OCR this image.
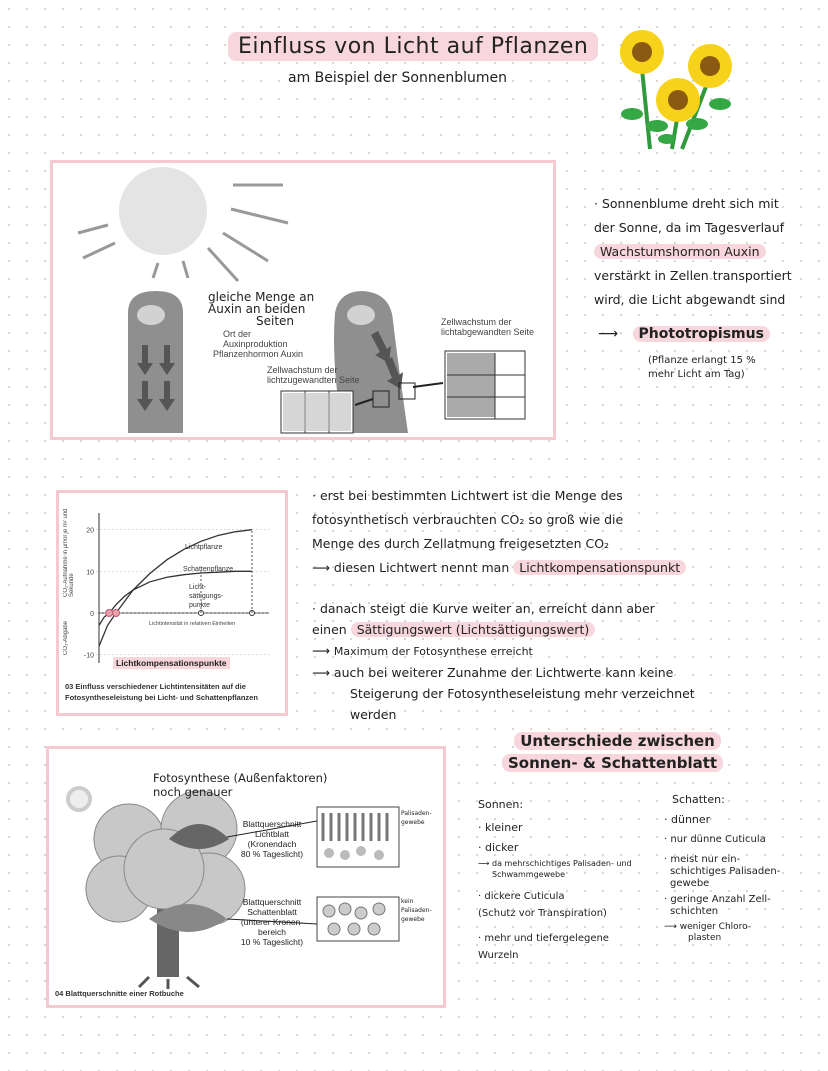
Einfluss von Licht auf Pflanzen
am Beispiel der Sonnenblumen
gleiche Menge an
Auxin an beiden
Seiten
Ort der
Auxinproduktion
Pflanzenhormon Auxin
Zellwachstum der
lichtzugewandten Seite
Zellwachstum der
lichtabgewandten Seite
· Sonnenblume dreht sich mit
der Sonne, da im Tagesverlauf
Wachstumshormon Auxin
verstärkt in Zellen transportiert
wird, die Licht abgewandt sind
⟶ Phototropismus
(Pflanze erlangt 15 %
mehr Licht am Tag)
20
10
0
-10
Lichtpflanze
Schattenpflanze
Licht-
sättigungs-
punkte
Lichtintensität in relativen Einheiten
CO₂-Aufnahme in µmol je m² und Sekunde
CO₂-Abgabe
Lichtkompensationspunkte
03 Einfluss verschiedener Lichtintensitäten auf die
Fotosyntheseleistung bei Licht- und Schattenpflanzen
· erst bei bestimmten Lichtwert ist die Menge des
fotosynthetisch verbrauchten CO₂ so groß wie die
Menge des durch Zellatmung freigesetzten CO₂
⟶ diesen Lichtwert nennt man Lichtkompensationspunkt
· danach steigt die Kurve weiter an, erreicht dann aber
einen Sättigungswert (Lichtsättigungswert)
⟶ Maximum der Fotosynthese erreicht
⟶ auch bei weiterer Zunahme der Lichtwerte kann keine
Steigerung der Fotosyntheseleistung mehr verzeichnet
werden
Fotosynthese (Außenfaktoren)
noch genauer
Blattquerschnitt Lichtblatt
(Kronendach
80 % Tageslicht)
Blattquerschnitt Schattenblatt
(unterer Kronen-
bereich
10 % Tageslicht)
Palisaden-
gewebe
kein
Palisaden-
gewebe
04 Blattquerschnitte einer Rotbuche
Unterschiede zwischen
Sonnen- & Schattenblatt
Sonnen:
· kleiner
· dicker
⟶ da mehrschichtiges Palisaden- und
Schwammgewebe
· dickere Cuticula
(Schutz vor Transpiration)
· mehr und tiefergelegene
Wurzeln
Schatten:
· dünner
· nur dünne Cuticula
· meist nur ein-
schichtiges Palisaden-
gewebe
· geringe Anzahl Zell-
schichten
⟶ weniger Chloro-
plasten
